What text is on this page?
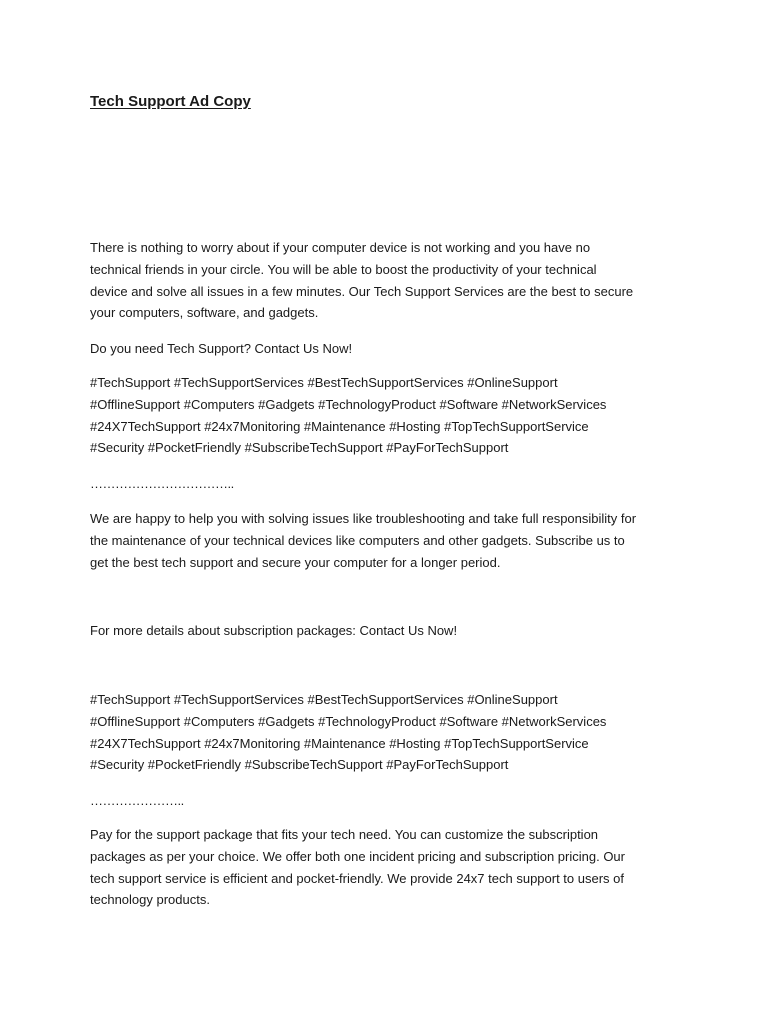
Tech Support Ad Copy

There is nothing to worry about if your computer device is not working and you have no
technical friends in your circle. You will be able to boost the productivity of your technical
device and solve all issues in a few minutes. Our Tech Support Services are the best to secure
your computers, software, and gadgets.

Do you need Tech Support? Contact Us Now!

#TechSupport #TechSupportServices #BestTechSupportServices #OnlineSupport
#OfflineSupport #Computers #Gadgets #TechnologyProduct #Software #NetworkServices
#24X7TechSupport #24x7Monitoring #Maintenance #Hosting #TopTechSupportService
#Security #PocketFriendly #SubscribeTechSupport #PayForTechSupport

……………………………..

We are happy to help you with solving issues like troubleshooting and take full responsibility for
the maintenance of your technical devices like computers and other gadgets. Subscribe us to
get the best tech support and secure your computer for a longer period.

For more details about subscription packages: Contact Us Now!

#TechSupport #TechSupportServices #BestTechSupportServices #OnlineSupport
#OfflineSupport #Computers #Gadgets #TechnologyProduct #Software #NetworkServices
#24X7TechSupport #24x7Monitoring #Maintenance #Hosting #TopTechSupportService
#Security #PocketFriendly #SubscribeTechSupport #PayForTechSupport

…………………..

Pay for the support package that fits your tech need. You can customize the subscription
packages as per your choice. We offer both one incident pricing and subscription pricing. Our
tech support service is efficient and pocket-friendly. We provide 24x7 tech support to users of
technology products.
